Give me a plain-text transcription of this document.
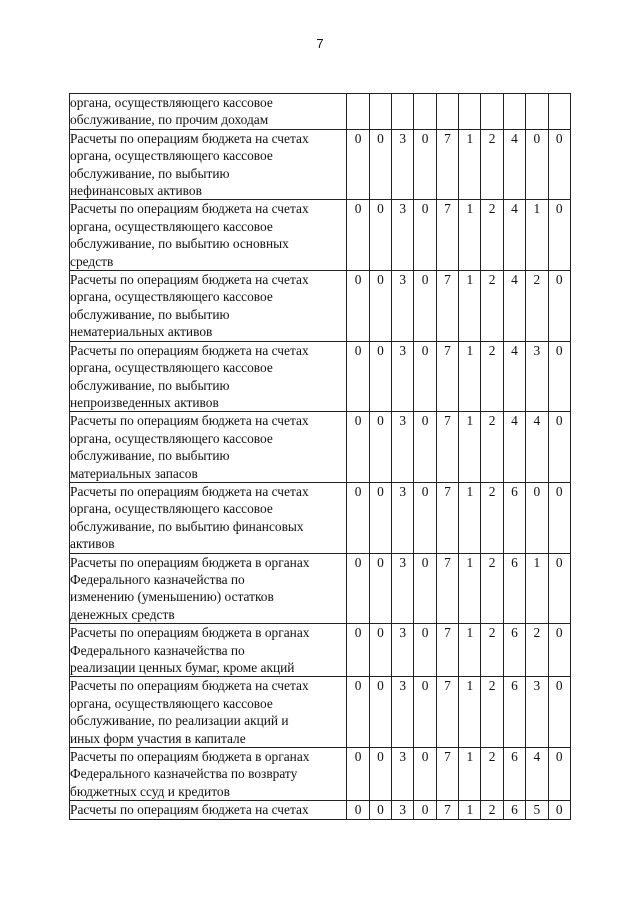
7
органа, осуществляющего кассовое
обслуживание, по прочим доходам										

Расчеты по операциям бюджета на счетах
органа, осуществляющего кассовое
обслуживание, по выбытию
нефинансовых активов	0	0	3	0	7	1	2	4	0	0

Расчеты по операциям бюджета на счетах
органа, осуществляющего кассовое
обслуживание, по выбытию основных
средств	0	0	3	0	7	1	2	4	1	0

Расчеты по операциям бюджета на счетах
органа, осуществляющего кассовое
обслуживание, по выбытию
нематериальных активов	0	0	3	0	7	1	2	4	2	0

Расчеты по операциям бюджета на счетах
органа, осуществляющего кассовое
обслуживание, по выбытию
непроизведенных активов	0	0	3	0	7	1	2	4	3	0

Расчеты по операциям бюджета на счетах
органа, осуществляющего кассовое
обслуживание, по выбытию
материальных запасов	0	0	3	0	7	1	2	4	4	0

Расчеты по операциям бюджета на счетах
органа, осуществляющего кассовое
обслуживание, по выбытию финансовых
активов	0	0	3	0	7	1	2	6	0	0

Расчеты по операциям бюджета в органах
Федерального казначейства по
изменению (уменьшению) остатков
денежных средств	0	0	3	0	7	1	2	6	1	0

Расчеты по операциям бюджета в органах
Федерального казначейства по
реализации ценных бумаг, кроме акций	0	0	3	0	7	1	2	6	2	0

Расчеты по операциям бюджета на счетах
органа, осуществляющего кассовое
обслуживание, по реализации акций и
иных форм участия в капитале	0	0	3	0	7	1	2	6	3	0

Расчеты по операциям бюджета в органах
Федерального казначейства по возврату
бюджетных ссуд и кредитов	0	0	3	0	7	1	2	6	4	0

Расчеты по операциям бюджета на счетах	0	0	3	0	7	1	2	6	5	0
